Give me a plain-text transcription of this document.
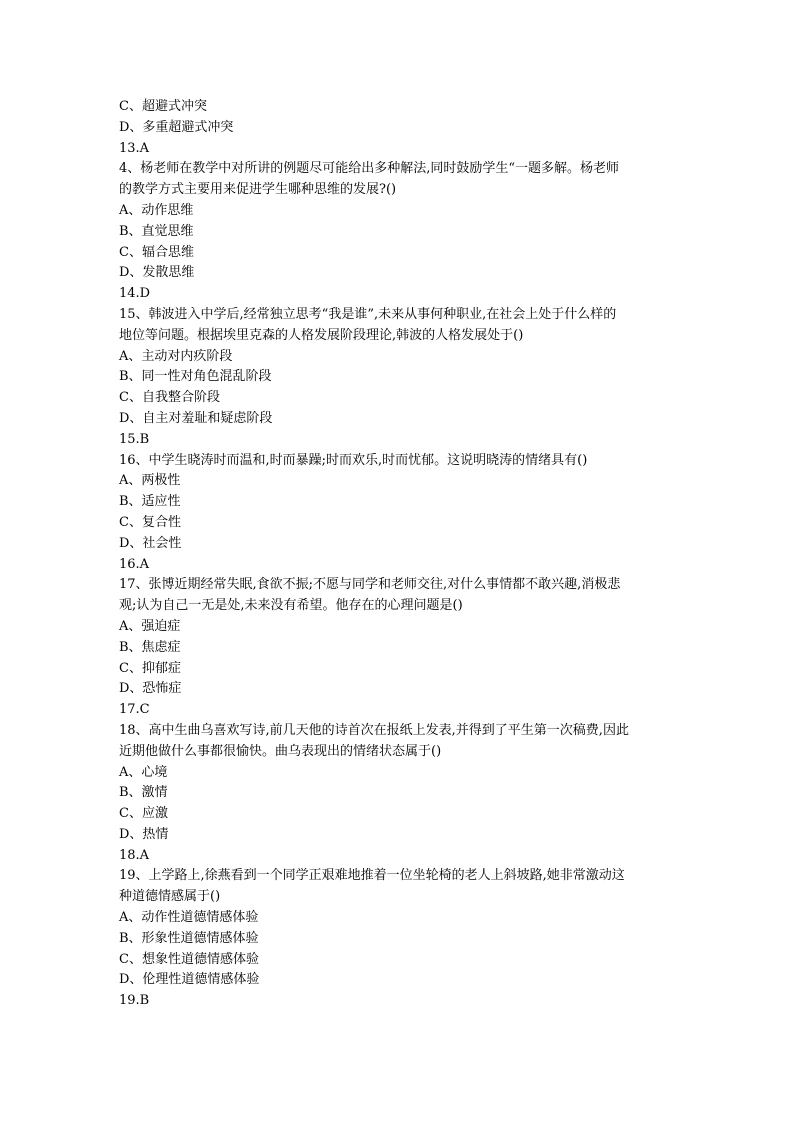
C、超避式冲突
D、多重超避式冲突
13.A
4、杨老师在教学中对所讲的例题尽可能给出多种解法,同时鼓励学生“一题多解。杨老师
的教学方式主要用来促进学生哪种思维的发展?()
A、动作思维
B、直觉思维
C、辐合思维
D、发散思维
14.D
15、韩波进入中学后,经常独立思考“我是谁”,未来从事何种职业,在社会上处于什么样的
地位等问题。根据埃里克森的人格发展阶段理论,韩波的人格发展处于()
A、主动对内疚阶段
B、同一性对角色混乱阶段
C、自我整合阶段
D、自主对羞耻和疑虑阶段
15.B
16、中学生晓涛时而温和,时而暴躁;时而欢乐,时而忧郁。这说明晓涛的情绪具有()
A、两极性
B、适应性
C、复合性
D、社会性
16.A
17、张博近期经常失眠,食欲不振;不愿与同学和老师交往,对什么事情都不敢兴趣,消极悲
观;认为自己一无是处,未来没有希望。他存在的心理问题是()
A、强迫症
B、焦虑症
C、抑郁症
D、恐怖症
17.C
18、高中生曲乌喜欢写诗,前几天他的诗首次在报纸上发表,并得到了平生第一次稿费,因此
近期他做什么事都很愉快。曲乌表现出的情绪状态属于()
A、心境
B、激情
C、应激
D、热情
18.A
19、上学路上,徐燕看到一个同学正艰难地推着一位坐轮椅的老人上斜坡路,她非常激动这
种道德情感属于()
A、动作性道德情感体验
B、形象性道德情感体验
C、想象性道德情感体验
D、伦理性道德情感体验
19.B
